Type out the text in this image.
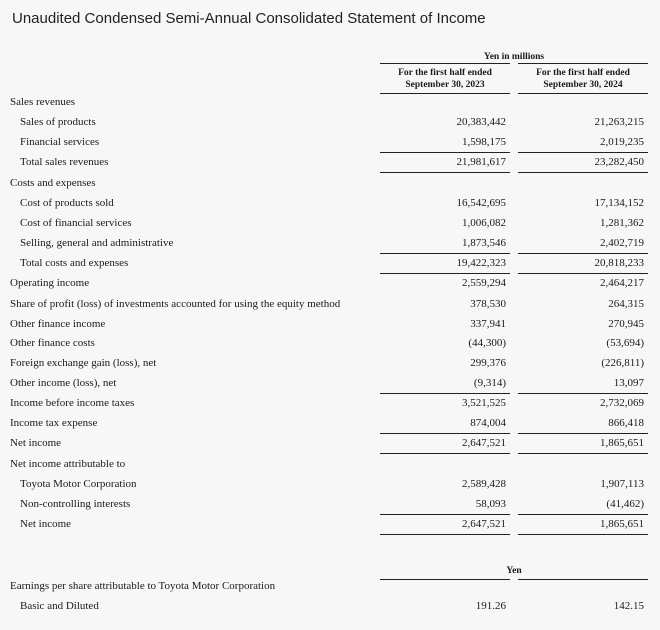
Unaudited Condensed Semi-Annual Consolidated Statement of Income
Yen in millions
For the first half ended
September 30, 2023
For the first half ended
September 30, 2024
Sales revenues
Sales of products	20,383,442	21,263,215
Financial services	1,598,175	2,019,235
Total sales revenues	21,981,617	23,282,450
Costs and expenses
Cost of products sold	16,542,695	17,134,152
Cost of financial services	1,006,082	1,281,362
Selling, general and administrative	1,873,546	2,402,719
Total costs and expenses	19,422,323	20,818,233
Operating income	2,559,294	2,464,217
Share of profit (loss) of investments accounted for using the equity method	378,530	264,315
Other finance income	337,941	270,945
Other finance costs	(44,300)	(53,694)
Foreign exchange gain (loss), net	299,376	(226,811)
Other income (loss), net	(9,314)	13,097
Income before income taxes	3,521,525	2,732,069
Income tax expense	874,004	866,418
Net income	2,647,521	1,865,651
Net income attributable to
Toyota Motor Corporation	2,589,428	1,907,113
Non-controlling interests	58,093	(41,462)
Net income	2,647,521	1,865,651
Yen
Earnings per share attributable to Toyota Motor Corporation
Basic and Diluted	191.26	142.15
